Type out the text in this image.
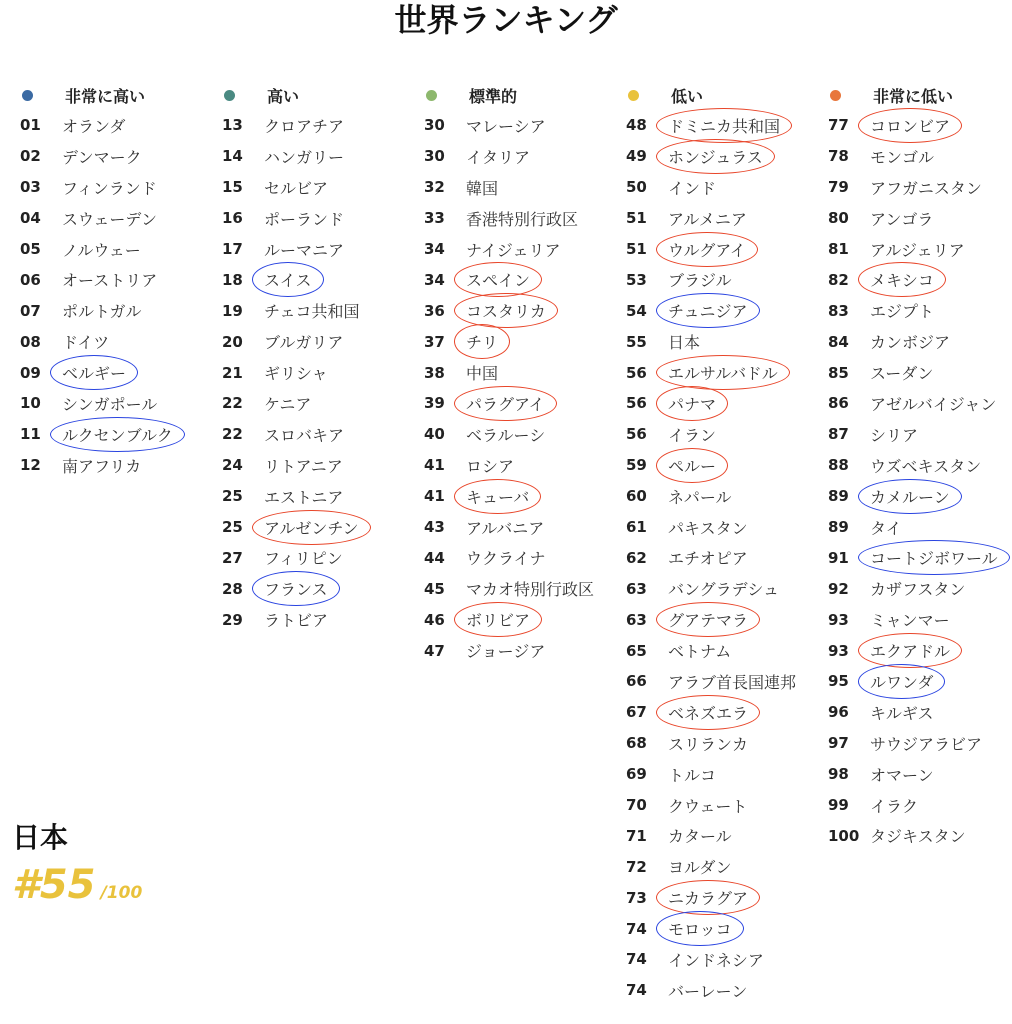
世界ランキング
非常に高い
01	オランダ
02	デンマーク
03	フィンランド
04	スウェーデン
05	ノルウェー
06	オーストリア
07	ポルトガル
08	ドイツ
09	ベルギー
10	シンガポール
11	ルクセンブルク
12	南アフリカ
高い
13	クロアチア
14	ハンガリー
15	セルビア
16	ポーランド
17	ルーマニア
18	スイス
19	チェコ共和国
20	ブルガリア
21	ギリシャ
22	ケニア
22	スロバキア
24	リトアニア
25	エストニア
25	アルゼンチン
27	フィリピン
28	フランス
29	ラトビア
標準的
30	マレーシア
30	イタリア
32	韓国
33	香港特別行政区
34	ナイジェリア
34	スペイン
36	コスタリカ
37	チリ
38	中国
39	パラグアイ
40	ベラルーシ
41	ロシア
41	キューバ
43	アルバニア
44	ウクライナ
45	マカオ特別行政区
46	ボリビア
47	ジョージア
低い
48	ドミニカ共和国
49	ホンジュラス
50	インド
51	アルメニア
51	ウルグアイ
53	ブラジル
54	チュニジア
55	日本
56	エルサルバドル
56	パナマ
56	イラン
59	ペルー
60	ネパール
61	パキスタン
62	エチオピア
63	バングラデシュ
63	グアテマラ
65	ベトナム
66	アラブ首長国連邦
67	ベネズエラ
68	スリランカ
69	トルコ
70	クウェート
71	カタール
72	ヨルダン
73	ニカラグア
74	モロッコ
74	インドネシア
74	バーレーン
非常に低い
77	コロンビア
78	モンゴル
79	アフガニスタン
80	アンゴラ
81	アルジェリア
82	メキシコ
83	エジプト
84	カンボジア
85	スーダン
86	アゼルバイジャン
87	シリア
88	ウズベキスタン
89	カメルーン
89	タイ
91	コートジボワール
92	カザフスタン
93	ミャンマー
93	エクアドル
95	ルワンダ
96	キルギス
97	サウジアラビア
98	オマーン
99	イラク
100 タジキスタン
日本
#55 /100
